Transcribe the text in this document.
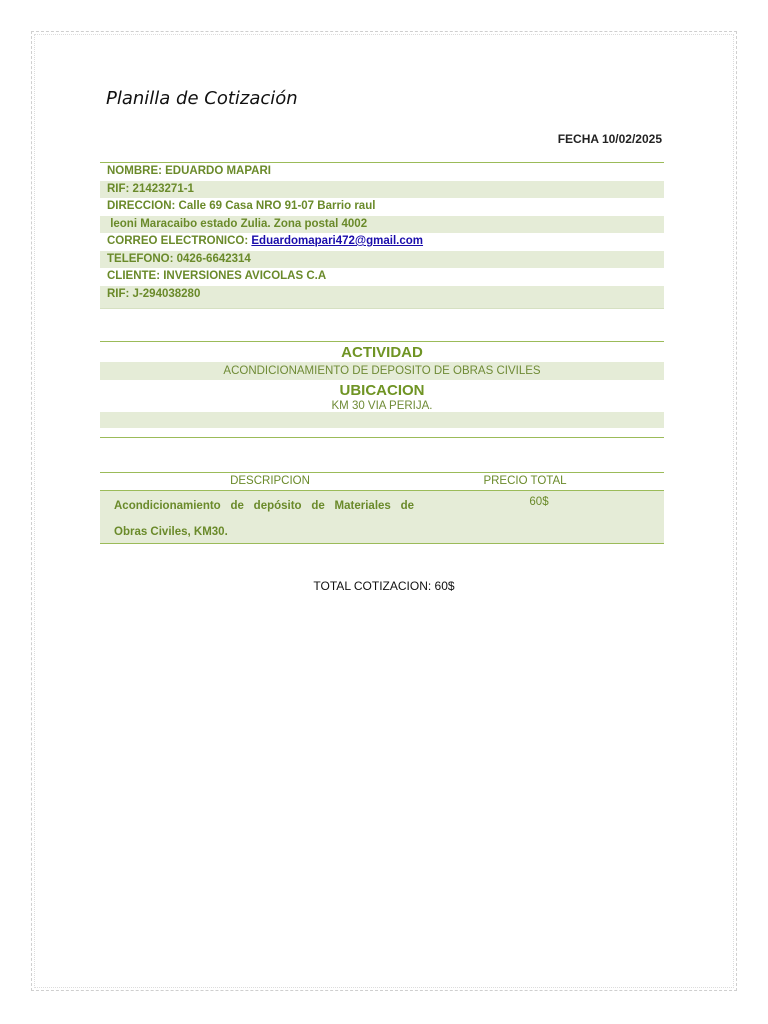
Planilla de Cotización
FECHA 10/02/2025
NOMBRE: EDUARDO MAPARI
RIF: 21423271-1
DIRECCION: Calle 69 Casa NRO 91-07 Barrio raul
leoni Maracaibo estado Zulia. Zona postal 4002
CORREO ELECTRONICO: Eduardomapari472@gmail.com
TELEFONO: 0426-6642314
CLIENTE: INVERSIONES AVICOLAS C.A
RIF: J-294038280
ACTIVIDAD
ACONDICIONAMIENTO DE DEPOSITO DE OBRAS CIVILES
UBICACION
KM 30 VIA PERIJA.
DESCRIPCION	PRECIO TOTAL
Acondicionamiento de depósito de Materiales de Obras Civiles, KM30.
60$
TOTAL COTIZACION: 60$
